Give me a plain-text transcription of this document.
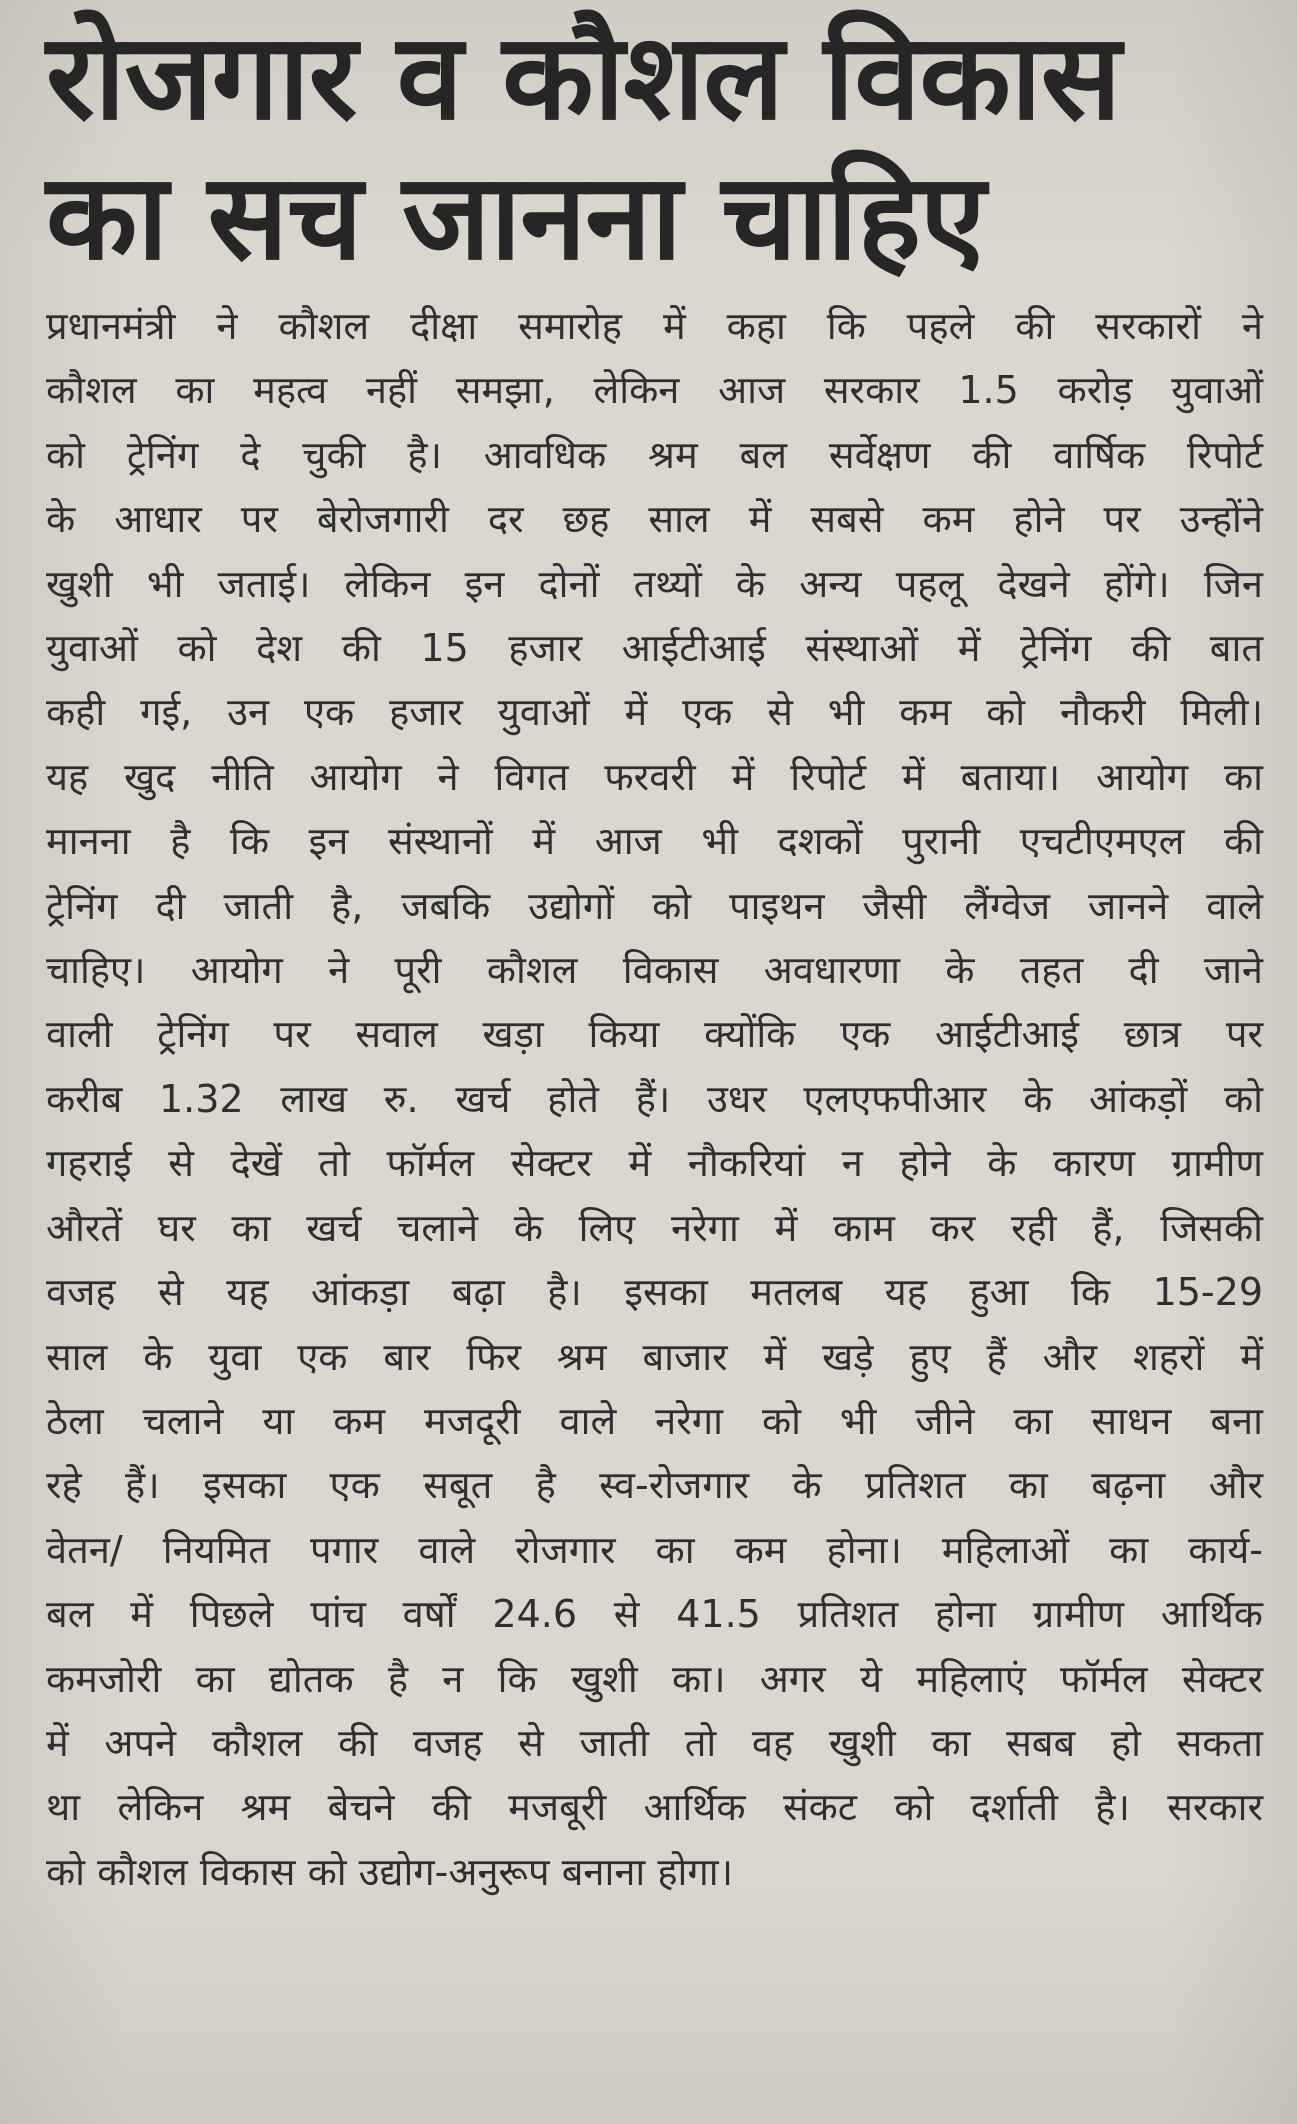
रोजगार व कौशल विकास
का सच जानना चाहिए
प्रधानमंत्री ने कौशल दीक्षा समारोह में कहा कि पहले की सरकारों ने
कौशल का महत्व नहीं समझा, लेकिन आज सरकार 1.5 करोड़ युवाओं
को ट्रेनिंग दे चुकी है। आवधिक श्रम बल सर्वेक्षण की वार्षिक रिपोर्ट
के आधार पर बेरोजगारी दर छह साल में सबसे कम होने पर उन्होंने
खुशी भी जताई। लेकिन इन दोनों तथ्यों के अन्य पहलू देखने होंगे। जिन
युवाओं को देश की 15 हजार आईटीआई संस्थाओं में ट्रेनिंग की बात
कही गई, उन एक हजार युवाओं में एक से भी कम को नौकरी मिली।
यह खुद नीति आयोग ने विगत फरवरी में रिपोर्ट में बताया। आयोग का
मानना है कि इन संस्थानों में आज भी दशकों पुरानी एचटीएमएल की
ट्रेनिंग दी जाती है, जबकि उद्योगों को पाइथन जैसी लैंग्वेज जानने वाले
चाहिए। आयोग ने पूरी कौशल विकास अवधारणा के तहत दी जाने
वाली ट्रेनिंग पर सवाल खड़ा किया क्योंकि एक आईटीआई छात्र पर
करीब 1.32 लाख रु. खर्च होते हैं। उधर एलएफपीआर के आंकड़ों को
गहराई से देखें तो फॉर्मल सेक्टर में नौकरियां न होने के कारण ग्रामीण
औरतें घर का खर्च चलाने के लिए नरेगा में काम कर रही हैं, जिसकी
वजह से यह आंकड़ा बढ़ा है। इसका मतलब यह हुआ कि 15-29
साल के युवा एक बार फिर श्रम बाजार में खड़े हुए हैं और शहरों में
ठेला चलाने या कम मजदूरी वाले नरेगा को भी जीने का साधन बना
रहे हैं। इसका एक सबूत है स्व-रोजगार के प्रतिशत का बढ़ना और
वेतन/ नियमित पगार वाले रोजगार का कम होना। महिलाओं का कार्य-
बल में पिछले पांच वर्षों 24.6 से 41.5 प्रतिशत होना ग्रामीण आर्थिक
कमजोरी का द्योतक है न कि खुशी का। अगर ये महिलाएं फॉर्मल सेक्टर
में अपने कौशल की वजह से जाती तो वह खुशी का सबब हो सकता
था लेकिन श्रम बेचने की मजबूरी आर्थिक संकट को दर्शाती है। सरकार
को कौशल विकास को उद्योग-अनुरूप बनाना होगा।
